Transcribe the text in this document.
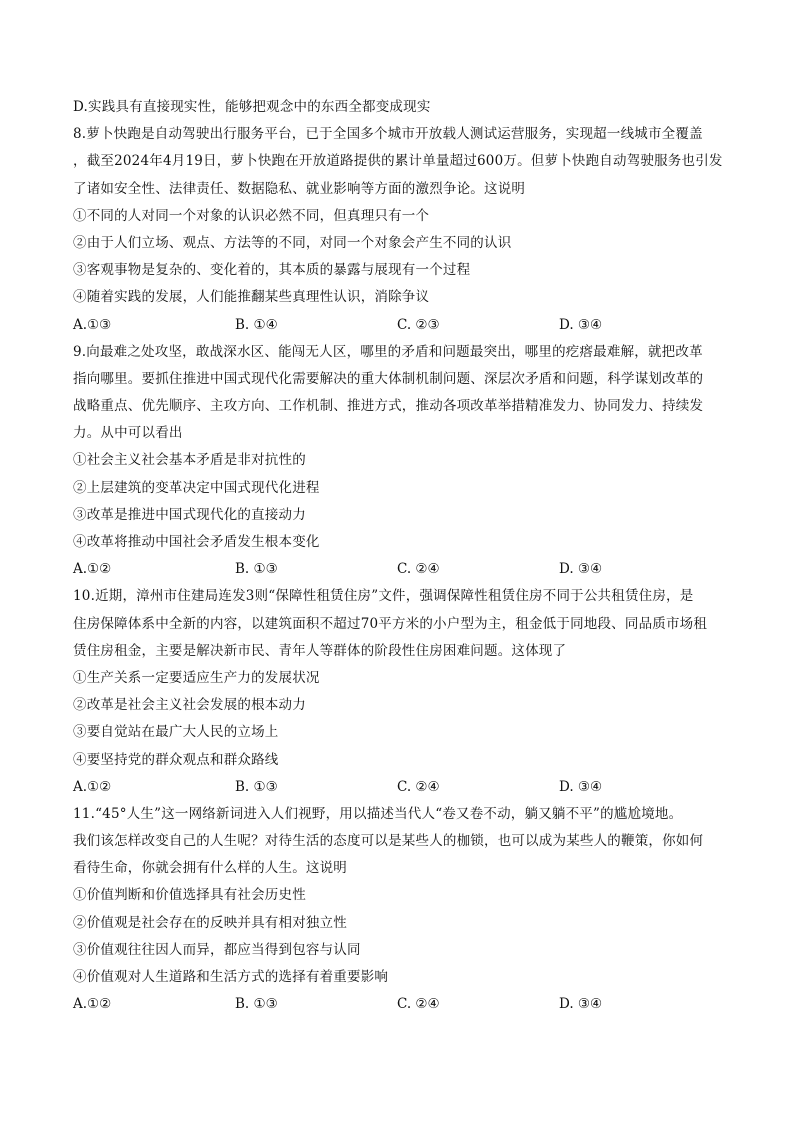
D.实践具有直接现实性，能够把观念中的东西全都变成现实
8.萝卜快跑是自动驾驶出行服务平台，已于全国多个城市开放载人测试运营服务，实现超一线城市全覆盖
，截至2024年4月19日，萝卜快跑在开放道路提供的累计单量超过600万。但萝卜快跑自动驾驶服务也引发
了诸如安全性、法律责任、数据隐私、就业影响等方面的激烈争论。这说明
①不同的人对同一个对象的认识必然不同，但真理只有一个
②由于人们立场、观点、方法等的不同，对同一个对象会产生不同的认识
③客观事物是复杂的、变化着的，其本质的暴露与展现有一个过程
④随着实践的发展，人们能推翻某些真理性认识，消除争议
A.①③	B. ①④	C. ②③	D. ③④
9.向最难之处攻坚，敢战深水区、能闯无人区，哪里的矛盾和问题最突出，哪里的疙瘩最难解，就把改革
指向哪里。要抓住推进中国式现代化需要解决的重大体制机制问题、深层次矛盾和问题，科学谋划改革的
战略重点、优先顺序、主攻方向、工作机制、推进方式，推动各项改革举措精准发力、协同发力、持续发
力。从中可以看出
①社会主义社会基本矛盾是非对抗性的
②上层建筑的变革决定中国式现代化进程
③改革是推进中国式现代化的直接动力
④改革将推动中国社会矛盾发生根本变化
A.①②	B. ①③	C. ②④	D. ③④
10.近期，漳州市住建局连发3则“保障性租赁住房”文件，强调保障性租赁住房不同于公共租赁住房，是
住房保障体系中全新的内容，以建筑面积不超过70平方米的小户型为主，租金低于同地段、同品质市场租
赁住房租金，主要是解决新市民、青年人等群体的阶段性住房困难问题。这体现了
①生产关系一定要适应生产力的发展状况
②改革是社会主义社会发展的根本动力
③要自觉站在最广大人民的立场上
④要坚持党的群众观点和群众路线
A.①②	B. ①③	C. ②④	D. ③④
11.“45°人生”这一网络新词进入人们视野，用以描述当代人“卷又卷不动，躺又躺不平”的尴尬境地。
我们该怎样改变自己的人生呢？对待生活的态度可以是某些人的枷锁，也可以成为某些人的鞭策，你如何
看待生命，你就会拥有什么样的人生。这说明
①价值判断和价值选择具有社会历史性
②价值观是社会存在的反映并具有相对独立性
③价值观往往因人而异，都应当得到包容与认同
④价值观对人生道路和生活方式的选择有着重要影响
A.①②	B. ①③	C. ②④	D. ③④
